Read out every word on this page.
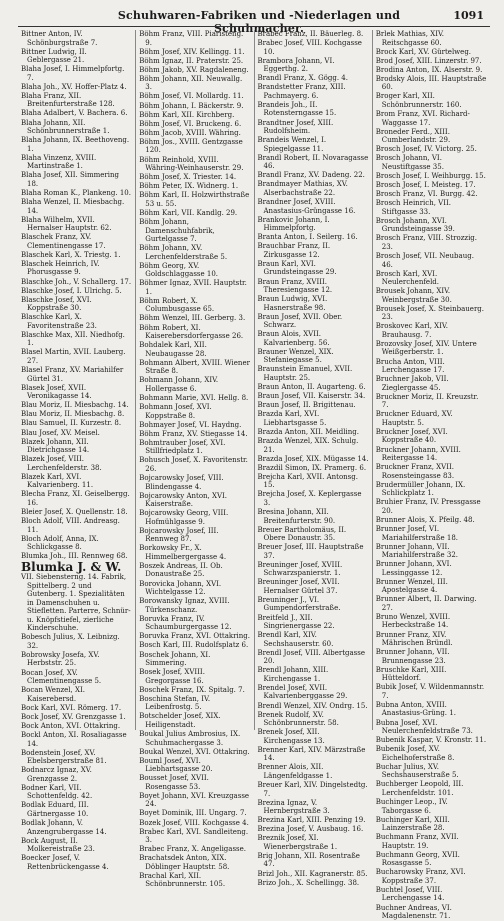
Schuhwaren-Fabriken und -Niederlagen und Schuhmacher.
1091
Bittner Anton, IV. Schönburgstraße 7.
Bittner Ludwig, II. Geblergasse 21.
Blaha Josef, I. Himmelpfortg. 7.
Blaha Joh., XV. Hoffer-Platz 4.
Blaha Franz, XII. Breitenfurterstraße 128.
Blaha Adalbert, V. Bachera. 6.
Blaha Johann, XII. Schönbrunnerstraße 1.
Blaha Johann, IX. Beethoveng. 1.
Blaha Vinzenz, XVIII. Martinstraße 1.
Blaha Josef, XII. Simmering 18.
Blaha Roman K., Plankeng. 10.
Blaha Wenzel, II. Miesbachg. 14.
Blaha Wilhelm, XVII. Hernalser Hauptstr. 62.
Blaschek Franz, XV. Clementinengasse 17.
Blaschek Karl, X. Triestg. 1.
Blaschek Heinrich, IV. Phorusgasse 9.
Blaschke Joh., V. Schallerg. 17.
Blaschke Josef, I. Ulrichg. 5.
Blaschke Josef, XVI. Koppstraße 30.
Blaschke Karl, X. Favoritenstraße 23.
Blaschke Max, XII. Niedhofg. 1.
Blasel Martin, XVII. Lauberg. 27.
Blasel Franz, XV. Mariahilfer Gürtel 31.
Blasek Josef, XVII. Veronikagasse 14.
Blau Moriz, II. Miesbachg. 14.
Blau Moriz, II. Miesbachg. 8.
Blau Samuel, II. Kurzestr. 8.
Blau Josef, XV. Meisel.
Blazek Johann, XII. Dietrichgasse 14.
Blazek Josef, VIII. Lerchenfelderstr. 38.
Blazek Karl, XVI. Kalvarienberg. 11.
Blecha Franz, XI. Geiselbergg. 16.
Bleier Josef, X. Quellenstr. 18.
Bloch Adolf, VIII. Andreasg. 11.
Bloch Adolf, Anna, IX. Schlickgasse 8.
Blumka Joh., III. Rennweg 68.
Blumka J. & W.
VII. Siebensterng. 14. Fabrik, Spittelberg. 2 und Gutenberg. 1. Spezialitäten in Damenschuhen u. Stiefletten. Parterre, Schnür- u. Knöpfstiefel, zierliche Kinderschuhe.
Bobesch Julius, X. Leibnizg. 32.
Bobrowsky Josefa, XV. Herbststr. 25.
Bocan Josef, XV. Clementinengasse 5.
Bocan Wenzel, XI. Kaiserebersd.
Bock Karl, XVI. Römerg. 17.
Bock Josef, XV. Grenzgasse 1.
Bock Anton, XVI. Ottakring.
Bockl Anton, XI. Rosaliagasse 14.
Bodenstein Josef, XV. Ebelsbergerstraße 81.
Bodnarcz Ignaz, XV. Grenzgasse 2.
Bodner Karl, VII. Schottenfeldg. 42.
Bodlak Eduard, III. Gärtnergasse 10.
Bodlak Johann, V. Anzengrubergasse 14.
Bock August, II. Molkereistraße 23.
Boecker Josef, V. Rettenbrückengasse 4.
Böhm Franz, VIII. Piaristeng. 9.
Böhm Josef, XIV. Kellingg. 11.
Böhm Ignaz, II. Praterstr. 25.
Böhm Jakob, XV. Ragdaleneng.
Böhm Johann, XII. Neuwallg. 3.
Böhm Josef, VI. Mollardg. 11.
Böhm Johann, I. Bäckerstr. 9.
Böhm Karl, XII. Kirchberg.
Böhm Josef, VI. Bruckeng. 6.
Böhm Jacob, XVIII. Währing.
Böhm Jos., XVIII. Gentzgasse 120.
Böhm Reinhold, XVIII. Währing-Weinhauserstr. 29.
Böhm Josef, X. Triester. 14.
Böhm Peter, IX. Widnerg. 1.
Böhm Karl, II. Holzwirthstraße 53 u. 55.
Böhm Karl, VII. Kandlg. 29.
Böhm Johann, Damenschuhfabrik, Gurtelgasse 7.
Böhm Johann, XV. Lerchenfelderstraße 5.
Böhm Georg, XV. Goldschlaggasse 10.
Böhmer Ignaz, XVII. Hauptstr. 1.
Böhm Robert, X. Columbusgasse 65.
Böhm Wenzel, III. Gerberg. 3.
Böhm Robert, XI. Kaiserebersdorfergasse 26.
Bohdalek Karl, XII. Neubaugasse 28.
Bohmann Albert, XVIII. Wiener Straße 8.
Bohmann Johann, XIV. Hollergasse 6.
Bohmann Marie, XVI. Hellg. 8.
Bohmann Josef, XVI. Koppstraße 8.
Bohmayer Josef, VI. Haydng.
Böhm Franz, XV. Stiegasse 14.
Bohmtrauber Josef, XVI. Stillfriedplatz 1.
Bohusch Josef, X. Favoritenstr. 26.
Bojcarowsky Josef, VIII. Blindengasse 4.
Bojcarowsky Anton, XVI. Kaiserstraße.
Bojcarowsky Georg, VIII. Hofmühlgasse 9.
Bojcarowsky Josef, III. Rennweg 87.
Borkowsky Fr., X. Himmelbergergasse 4.
Boszek Andreas, II. Ob. Donaustraße 25.
Borovicka Johann, XVI. Wichtelgasse 12.
Borowansky Ignaz, XVIII. Türkenschanz.
Boruvka Franz, IV. Schaumburgergasse 12.
Boruvka Franz, XVI. Ottakring.
Bosch Karl, III. Rudolfsplatz 6.
Boschek Johann, XI. Simmering.
Bosek Josef, XVIII. Gregorgasse 16.
Boschek Franz, IX. Spitalg. 7.
Boschina Stefan, IV. Leibenfrostg. 5.
Botschelder Josef, XIX. Heiligenstadt.
Boukal Julius Ambrosius, IX. Schuhmachergasse 3.
Boukal Wenzel, XVI. Ottakring.
Bouml Josef, XVI. Liebhartsgasse 20.
Bousset Josef, XVII. Rosengasse 53.
Boyet Johann, XVI. Kreuzgasse 24.
Boyet Dominik, III. Ungarg. 7.
Bozek Josef, VIII. Kochgasse 4.
Brabec Karl, XVI. Sandleiteng. 3.
Brabec Franz, X. Angeligasse.
Brachatsdek Anton, XIX. Döblinger Hauptstr. 58.
Brachal Karl, XII. Schönbrunnerstr. 105.
Brabec Franz, II. Bäuerleg. 8.
Brabec Josef, VIII. Kochgasse 10.
Brambora Johann, VI. Eggerthg. 2.
Brandl Franz, X. Gögg. 4.
Brandstetter Franz, XIII. Pachmayerg. 6.
Brandeis Joh., II. Rotensterngasse 15.
Brandtner Josef, XIII. Rudolfsheim.
Brandeis Wenzel, I. Spiegelgasse 11.
Brandl Robert, II. Novaragasse 46.
Brandl Franz, XV. Dadeng. 22.
Brandmayer Mathias, XV. Alserbachstraße 22.
Brandner Josef, XVIII. Anastasius-Grüngasse 16.
Brankovic Johann, I. Himmelpfortg.
Branta Anton, I. Seilerg. 16.
Brauchbar Franz, II. Zirkusgasse 12.
Braun Karl, XVI. Grundsteingasse 29.
Braun Franz, XVIII. Theresiengasse 12.
Braun Ludwig, XVI. Hasnerstraße 98.
Braun Josef, XVII. Ober. Schwarz.
Braun Alois, XVII. Kalvarienberg. 56.
Brauner Wenzel, XIX. Stefaniegasse 5.
Braunstein Emanuel, XVII. Hauptstr. 25.
Braun Anton, II. Augarteng. 6.
Braun Josef, VII. Kaiserstr. 34.
Braun Josef, II. Brigittenau.
Brazda Karl, XVI. Liebhartsgasse 5.
Brazda Anton, XII. Meidling.
Brazda Wenzel, XIX. Schulg. 21.
Brazda Josef, XIX. Mügasse 14.
Brazdil Simon, IX. Pramerg. 6.
Brejcha Karl, XVII. Antonsg. 15.
Brejcha Josef, X. Keplergasse 3.
Bresina Johann, XII. Breitenfurterstr. 90.
Breuer Bartholomäus, II. Obere Donaustr. 35.
Breuer Josef, III. Hauptstraße 37.
Breuninger Josef, XVIII. Schwarzspanierstr. 1.
Breuninger Josef, XVII. Hernalser Gürtel 37.
Breuninger J., VI. Gumpendorferstraße.
Breitfeld J., XII. Singrienergasse 22.
Brendl Karl, XIV. Sechshauserstr. 60.
Brendl Josef, VIII. Albertgasse 20.
Brendl Johann, XIII. Kirchengasse 1.
Brendel Josef, XVII. Kalvarienberggasse 29.
Brendl Wenzel, XIV. Ondrg. 15.
Brenek Rudolf, XV. Schönbrunnerstr. 58.
Brenek Josef, XII. Kirchengasse 13.
Brenner Karl, XIV. Märzstraße 14.
Brenner Alois, XII. Längenfeldgasse 1.
Breuer Karl, XIV. Dingelstedtg. 7.
Brezina Ignaz, V. Hernbergstraße 3.
Brezina Karl, XIII. Penzing 19.
Brezina Josef, V. Ausbaug. 16.
Breznik Josef, XI. Wienerbergstraße 1.
Brig Johann, XII. Rosentraße 47.
Brizl Joh., XII. Kagranerstr. 85.
Brizo Joh., X. Schellingg. 38.
Brlek Mathias, XIV. Reitschgasse 60.
Brock Karl, XV. Gürtelweg.
Brod Josef, XIII. Linzerstr. 97.
Brodina Anton, IX. Alserstr. 9.
Brodsky Alois, III. Hauptstraße 60.
Broger Karl, XII. Schönbrunnerstr. 160.
Brom Franz, XVI. Richard-Waggasse 17.
Broneder Ferd., XIII. Cumberlandstr. 29.
Brosch Josef, IV. Victorg. 25.
Brosch Johann, VI. Neustiftgasse 35.
Brosch Josef, I. Weihburgg. 15.
Brosch Josef, I. Meisteg. 17.
Brosch Franz, VI. Burgg. 42.
Brosch Heinrich, VII. Stiftgasse 33.
Brosch Johann, XVI. Grundsteingasse 39.
Brosch Franz, VIII. Strozzig. 23.
Brosch Josef, VII. Neubaug. 46.
Brosch Karl, XVI. Neulerchenfeld.
Brousek Johann, XIV. Weinbergstraße 30.
Brousek Josef, X. Steinbauerg. 23.
Broskovec Karl, XIV. Brauhausg. 7.
Brozovsky Josef, XIV. Untere Weißgerberstr. 1.
Brucha Anton, VIII. Lerchengasse 17.
Bruchner Jakob, VII. Zieglergasse 45.
Bruckner Moriz, II. Kreuzstr. 7.
Bruckner Eduard, XV. Hauptstr. 5.
Bruckner Josef, XVI. Koppstraße 40.
Bruckner Johann, XVIII. Reitergasse 14.
Bruckner Franz, XVII. Rosensteingasse 83.
Brudermüller Johann, IX. Schlickplatz 1.
Bruhier Franz, IV. Pressgasse 20.
Brunner Alois, X. Pfeilg. 48.
Brunner Josef, VI. Mariahilferstraße 18.
Brunner Johann, VII. Mariahilferstraße 32.
Brunner Johann, XVI. Lessinggasse 12.
Brunner Wenzel, III. Apostelgasse 4.
Brunner Albert, II. Darwing. 27.
Bruno Wenzel, XVIII. Herbeckstraße 14.
Brunner Franz, XIV. Mährischen Bründl.
Brunner Johann, VII. Brunnengasse 23.
Bruschke Karl, XIII. Hütteldorf.
Bubik Josef, V. Wildenmannstr. 7.
Bubna Anton, XVIII. Anastasius-Grüng. 1.
Bubna Josef, XVI. Neulerchenfeldstraße 73.
Bubenik Kaspar, V. Kronstr. 11.
Bubenik Josef, XV. Eichelhoferstraße 8.
Buchar Julius, XV. Sechshauserstraße 5.
Buchberger Leopold, III. Lerchenfeldstr. 101.
Buchinger Leop., IV. Taborgasse 6.
Buchinger Karl, XIII. Lainzerstraße 28.
Buchmann Franz, XVII. Hauptstr. 19.
Buchmann Georg, XVII. Rosasgasse 5.
Bucharowsky Franz, XVI. Koppstraße 37.
Buchtel Josef, VIII. Lerchengasse 14.
Buchner Andreas, VI. Magdalenenstr. 71.
